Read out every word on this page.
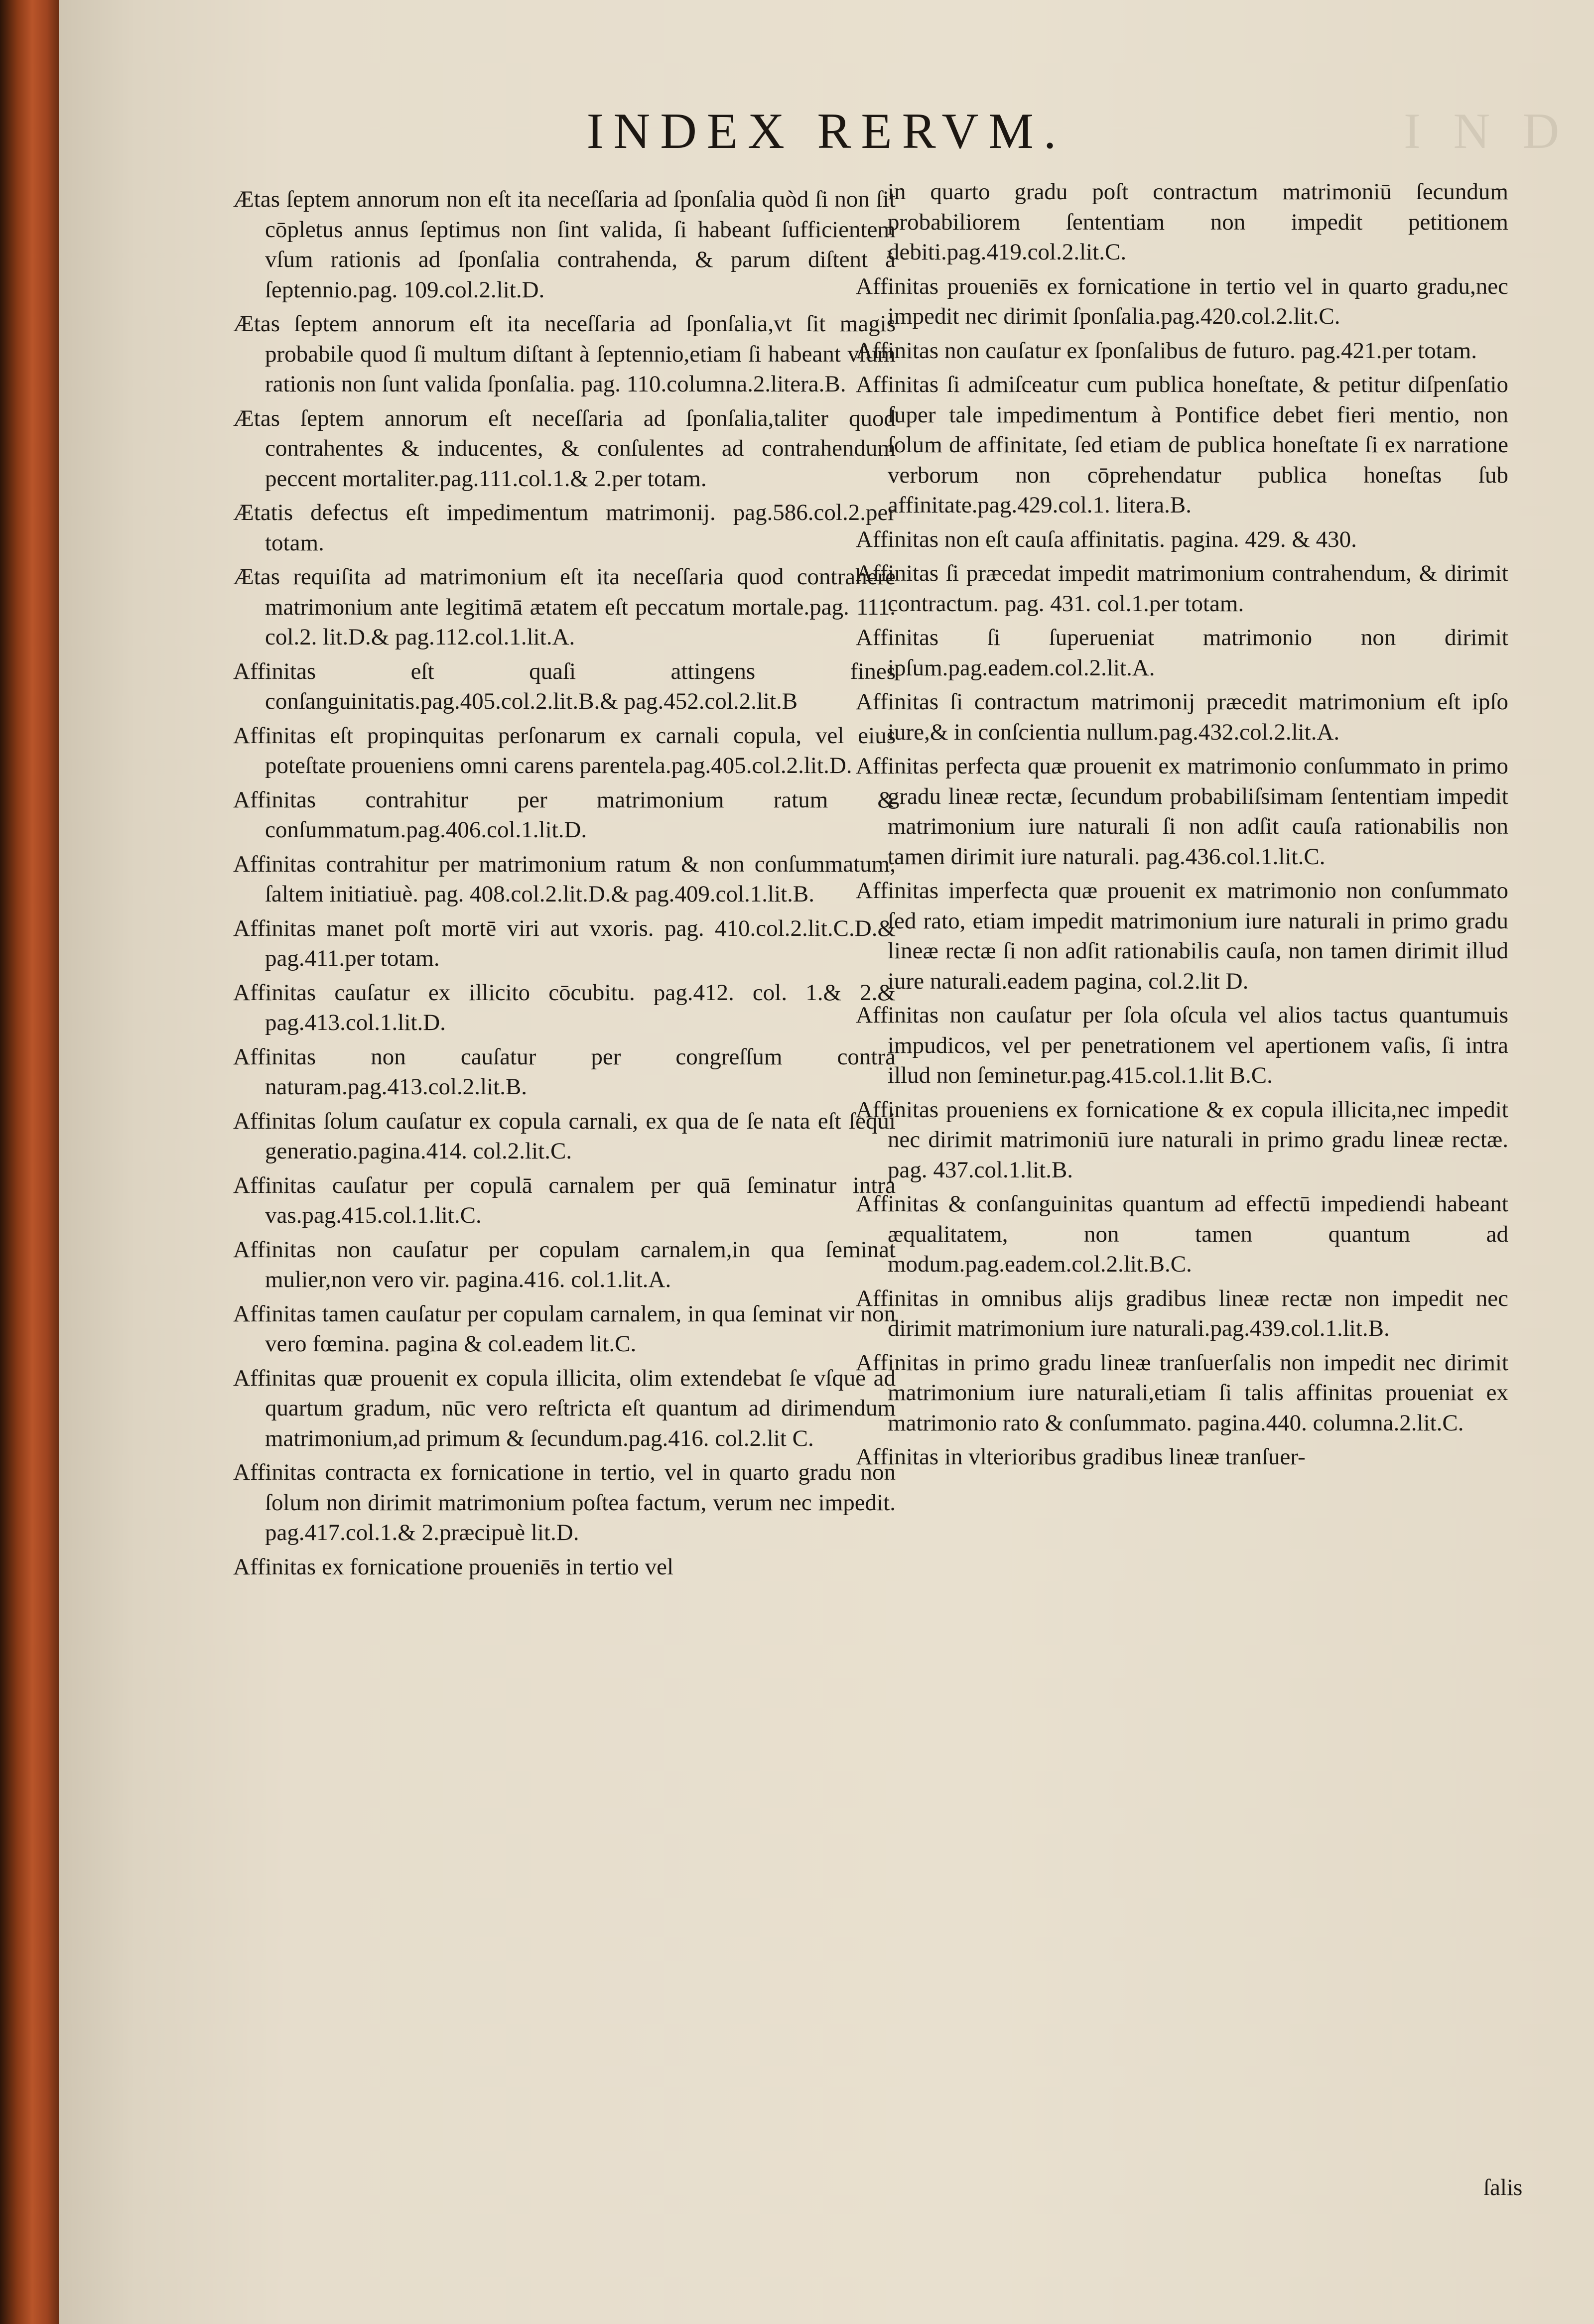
I N D
INDEX RERVM.

Ætas ſeptem annorum non eſt ita neceſſaria ad ſponſalia quòd ſi non ſit cōpletus annus ſeptimus non ſint valida, ſi habeant ſufficientem vſum rationis ad ſponſalia contrahenda, & parum diſtent à ſeptennio.pag. 109.col.2.lit.D.

Ætas ſeptem annorum eſt ita neceſſaria ad ſponſalia,vt ſit magis probabile quod ſi multum diſtant à ſeptennio,etiam ſi habeant vſum rationis non ſunt valida ſponſalia. pag. 110.columna.2.litera.B.

Ætas ſeptem annorum eſt neceſſaria ad ſponſalia,taliter quod contrahentes & inducentes, & conſulentes ad contrahendum peccent mortaliter.pag.111.col.1.& 2.per totam.

Ætatis defectus eſt impedimentum matrimonij. pag.586.col.2.per totam.

Ætas requiſita ad matrimonium eſt ita neceſſaria quod contrahere matrimonium ante legitimā ætatem eſt peccatum mortale.pag. 111. col.2. lit.D.& pag.112.col.1.lit.A.

Affinitas eſt quaſi attingens fines conſanguinitatis.pag.405.col.2.lit.B.& pag.452.col.2.lit.B

Affinitas eſt propinquitas perſonarum ex carnali copula, vel eius poteſtate proueniens omni carens parentela.pag.405.col.2.lit.D.

Affinitas contrahitur per matrimonium ratum & conſummatum.pag.406.col.1.lit.D.

Affinitas contrahitur per matrimonium ratum & non conſummatum, ſaltem initiatiuè. pag. 408.col.2.lit.D.& pag.409.col.1.lit.B.

Affinitas manet poſt mortē viri aut vxoris. pag. 410.col.2.lit.C.D.& pag.411.per totam.

Affinitas cauſatur ex illicito cōcubitu. pag.412. col. 1.& 2.& pag.413.col.1.lit.D.

Affinitas non cauſatur per congreſſum contra naturam.pag.413.col.2.lit.B.

Affinitas ſolum cauſatur ex copula carnali, ex qua de ſe nata eſt ſequi generatio.pagina.414. col.2.lit.C.

Affinitas cauſatur per copulā carnalem per quā ſeminatur intra vas.pag.415.col.1.lit.C.

Affinitas non cauſatur per copulam carnalem,in qua ſeminat mulier,non vero vir. pagina.416. col.1.lit.A.

Affinitas tamen cauſatur per copulam carnalem, in qua ſeminat vir non vero fœmina. pagina & col.eadem lit.C.

Affinitas quæ prouenit ex copula illicita, olim extendebat ſe vſque ad quartum gradum, nūc vero reſtricta eſt quantum ad dirimendum matrimonium,ad primum & ſecundum.pag.416. col.2.lit C.

Affinitas contracta ex fornicatione in tertio, vel in quarto gradu non ſolum non dirimit matrimonium poſtea factum, verum nec impedit. pag.417.col.1.& 2.præcipuè lit.D.

Affinitas ex fornicatione proueniēs in tertio vel

in quarto gradu poſt contractum matrimoniū ſecundum probabiliorem ſententiam non impedit petitionem debiti.pag.419.col.2.lit.C.

Affinitas proueniēs ex fornicatione in tertio vel in quarto gradu,nec impedit nec dirimit ſponſalia.pag.420.col.2.lit.C.

Affinitas non cauſatur ex ſponſalibus de futuro. pag.421.per totam.

Affinitas ſi admiſceatur cum publica honeſtate, & petitur diſpenſatio ſuper tale impedimentum à Pontifice debet fieri mentio, non ſolum de affinitate, ſed etiam de publica honeſtate ſi ex narratione verborum non cōprehendatur publica honeſtas ſub affinitate.pag.429.col.1. litera.B.

Affinitas non eſt cauſa affinitatis. pagina. 429. & 430.

Affinitas ſi præcedat impedit matrimonium contrahendum, & dirimit contractum. pag. 431. col.1.per totam.

Affinitas ſi ſuperueniat matrimonio non dirimit ipſum.pag.eadem.col.2.lit.A.

Affinitas ſi contractum matrimonij præcedit matrimonium eſt ipſo iure,& in conſcientia nullum.pag.432.col.2.lit.A.

Affinitas perfecta quæ prouenit ex matrimonio conſummato in primo gradu lineæ rectæ, ſecundum probabiliſsimam ſententiam impedit matrimonium iure naturali ſi non adſit cauſa rationabilis non tamen dirimit iure naturali. pag.436.col.1.lit.C.

Affinitas imperfecta quæ prouenit ex matrimonio non conſummato ſed rato, etiam impedit matrimonium iure naturali in primo gradu lineæ rectæ ſi non adſit rationabilis cauſa, non tamen dirimit illud iure naturali.eadem pagina, col.2.lit D.

Affinitas non cauſatur per ſola oſcula vel alios tactus quantumuis impudicos, vel per penetrationem vel apertionem vaſis, ſi intra illud non ſeminetur.pag.415.col.1.lit B.C.

Affinitas proueniens ex fornicatione & ex copula illicita,nec impedit nec dirimit matrimoniū iure naturali in primo gradu lineæ rectæ. pag. 437.col.1.lit.B.

Affinitas & conſanguinitas quantum ad effectū impediendi habeant æqualitatem, non tamen quantum ad modum.pag.eadem.col.2.lit.B.C.

Affinitas in omnibus alijs gradibus lineæ rectæ non impedit nec dirimit matrimonium iure naturali.pag.439.col.1.lit.B.

Affinitas in primo gradu lineæ tranſuerſalis non impedit nec dirimit matrimonium iure naturali,etiam ſi talis affinitas proueniat ex matrimonio rato & conſummato. pagina.440. columna.2.lit.C.

Affinitas in vlterioribus gradibus lineæ tranſuer-

ſalis
